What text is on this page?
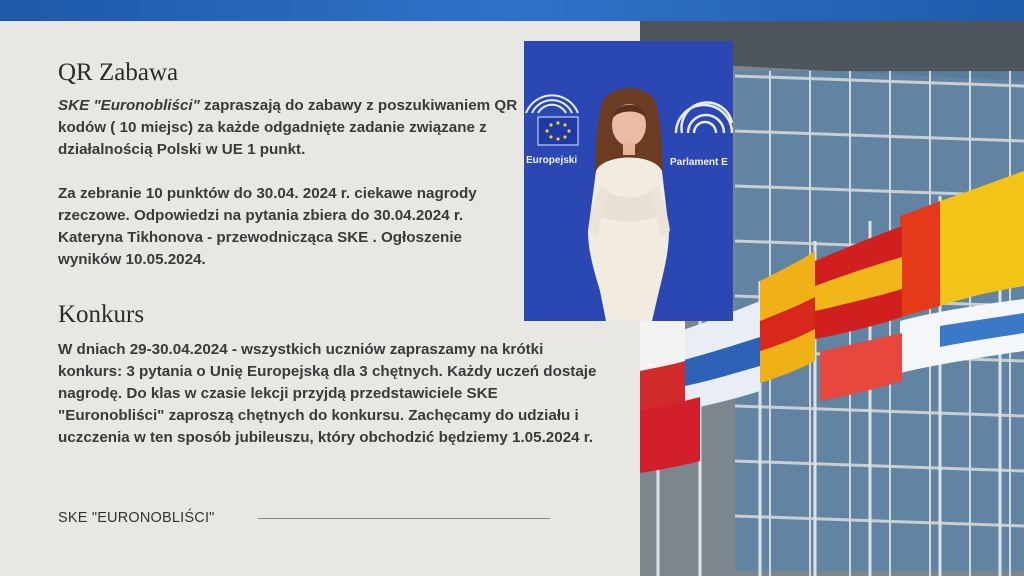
QR Zabawa

SKE "Euronobliści" zapraszają do zabawy z poszukiwaniem QR kodów ( 10 miejsc) za każde odgadnięte zadanie związane z działalnością Polski w UE 1 punkt.

Za zebranie 10 punktów do 30.04. 2024 r. ciekawe nagrody rzeczowe. Odpowiedzi na pytania zbiera do 30.04.2024 r. Kateryna Tikhonova - przewodnicząca SKE . Ogłoszenie wyników 10.05.2024.

Konkurs

W dniach 29-30.04.2024 - wszystkich uczniów zapraszamy na krótki konkurs: 3 pytania o Unię Europejską dla 3 chętnych. Każdy uczeń dostaje nagrodę. Do klas w czasie lekcji przyjdą przedstawiciele SKE "Euronobliści" zaproszą chętnych do konkursu. Zachęcamy do udziału i uczczenia w ten sposób jubileuszu, który obchodzić będziemy 1.05.2024 r.

SKE "EURONOBLIŚCI"
Europejski	Parlament E
